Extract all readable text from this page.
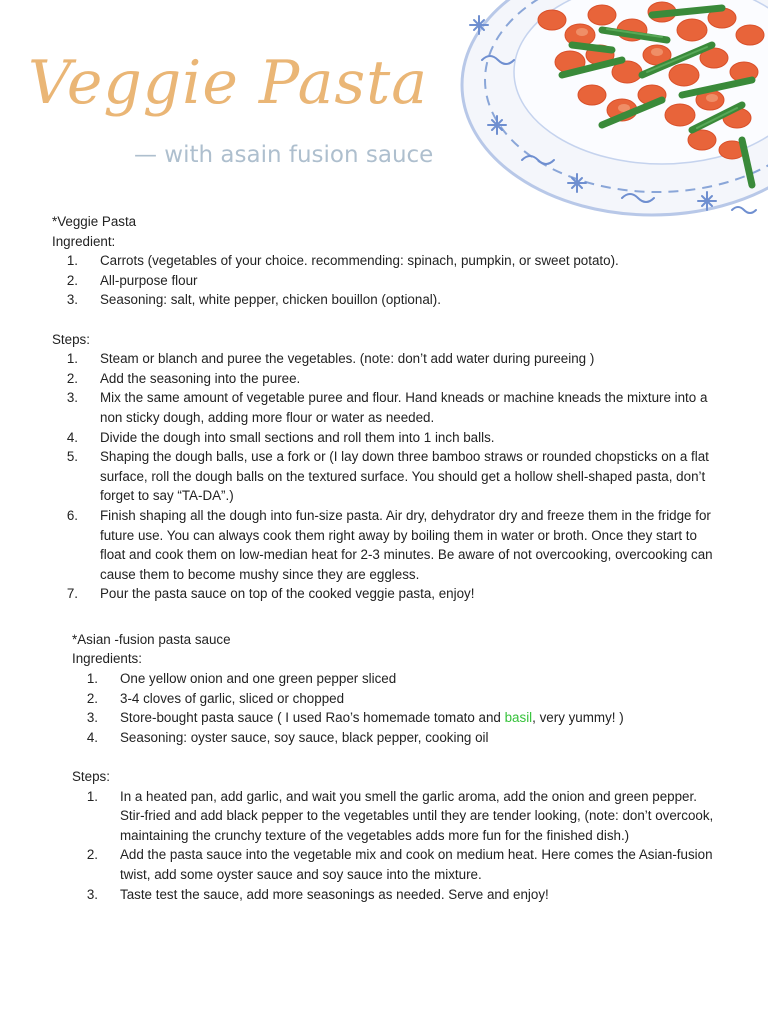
Veggie Pasta
— with asain fusion sauce
*Veggie Pasta
Ingredient:
1. Carrots (vegetables of your choice. recommending: spinach, pumpkin, or sweet potato).
2. All-purpose flour
3. Seasoning: salt, white pepper, chicken bouillon (optional).
Steps:
1. Steam or blanch and puree the vegetables. (note: don’t add water during pureeing )
2. Add the seasoning into the puree.
3. Mix the same amount of vegetable puree and flour. Hand kneads or machine kneads the mixture into a non sticky dough, adding more flour or water as needed.
4. Divide the dough into small sections and roll them into 1 inch balls.
5. Shaping the dough balls, use a fork or (I lay down three bamboo straws or rounded chopsticks on a flat surface, roll the dough balls on the textured surface. You should get a hollow shell-shaped pasta, don’t forget to say “TA-DA”.)
6. Finish shaping all the dough into fun-size pasta. Air dry, dehydrator dry and freeze them in the fridge for future use. You can always cook them right away by boiling them in water or broth. Once they start to float and cook them on low-median heat for 2-3 minutes. Be aware of not overcooking, overcooking can cause them to become mushy since they are eggless.
7. Pour the pasta sauce on top of the cooked veggie pasta, enjoy!
*Asian -fusion pasta sauce
Ingredients:
1. One yellow onion and one green pepper sliced
2. 3-4 cloves of garlic, sliced or chopped
3. Store-bought pasta sauce ( I used Rao’s homemade tomato and basil, very yummy! )
4. Seasoning: oyster sauce, soy sauce, black pepper, cooking oil
Steps:
1. In a heated pan, add garlic, and wait you smell the garlic aroma, add the onion and green pepper. Stir-fried and add black pepper to the vegetables until they are tender looking, (note: don’t overcook, maintaining the crunchy texture of the vegetables adds more fun for the finished dish.)
2. Add the pasta sauce into the vegetable mix and cook on medium heat. Here comes the Asian-fusion twist, add some oyster sauce and soy sauce into the mixture.
3. Taste test the sauce, add more seasonings as needed. Serve and enjoy!
